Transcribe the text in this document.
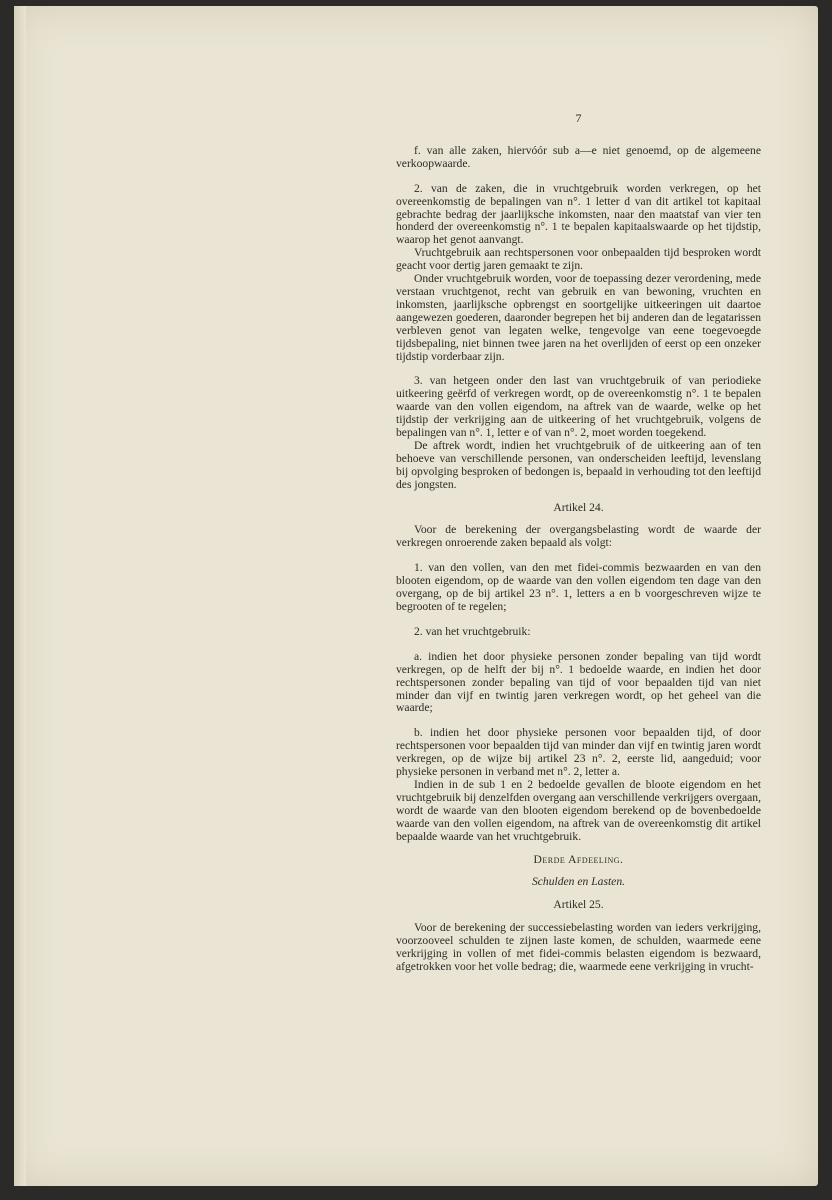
7

f. van alle zaken, hiervóór sub a—e niet genoemd, op de algemeene verkoopwaarde.

2. van de zaken, die in vruchtgebruik worden verkregen, op het overeenkomstig de bepalingen van n°. 1 letter d van dit artikel tot kapitaal gebrachte bedrag der jaarlijksche inkomsten, naar den maatstaf van vier ten honderd der overeenkomstig n°. 1 te bepalen kapitaalswaarde op het tijdstip, waarop het genot aanvangt.

Vruchtgebruik aan rechtspersonen voor onbepaalden tijd besproken wordt geacht voor dertig jaren gemaakt te zijn.

Onder vruchtgebruik worden, voor de toepassing dezer verordening, mede verstaan vruchtgenot, recht van gebruik en van bewoning, vruchten en inkomsten, jaarlijksche opbrengst en soortgelijke uitkeeringen uit daartoe aangewezen goederen, daaronder begrepen het bij anderen dan de legatarissen verbleven genot van legaten welke, tengevolge van eene toegevoegde tijdsbepaling, niet binnen twee jaren na het overlijden of eerst op een onzeker tijdstip vorderbaar zijn.

3. van hetgeen onder den last van vruchtgebruik of van periodieke uitkeering geërfd of verkregen wordt, op de overeenkomstig n°. 1 te bepalen waarde van den vollen eigendom, na aftrek van de waarde, welke op het tijdstip der verkrijging aan de uitkeering of het vruchtgebruik, volgens de bepalingen van n°. 1, letter e of van n°. 2, moet worden toegekend.

De aftrek wordt, indien het vruchtgebruik of de uitkeering aan of ten behoeve van verschillende personen, van onderscheiden leeftijd, levenslang bij opvolging besproken of bedongen is, bepaald in verhouding tot den leeftijd des jongsten.

Artikel 24.

Voor de berekening der overgangsbelasting wordt de waarde der verkregen onroerende zaken bepaald als volgt:

1. van den vollen, van den met fidei-commis bezwaarden en van den blooten eigendom, op de waarde van den vollen eigendom ten dage van den overgang, op de bij artikel 23 n°. 1, letters a en b voorgeschreven wijze te begrooten of te regelen;

2. van het vruchtgebruik:

a. indien het door physieke personen zonder bepaling van tijd wordt verkregen, op de helft der bij n°. 1 bedoelde waarde, en indien het door rechtspersonen zonder bepaling van tijd of voor bepaalden tijd van niet minder dan vijf en twintig jaren verkregen wordt, op het geheel van die waarde;

b. indien het door physieke personen voor bepaalden tijd, of door rechtspersonen voor bepaalden tijd van minder dan vijf en twintig jaren wordt verkregen, op de wijze bij artikel 23 n°. 2, eerste lid, aangeduid; voor physieke personen in verband met n°. 2, letter a.

Indien in de sub 1 en 2 bedoelde gevallen de bloote eigendom en het vruchtgebruik bij denzelfden overgang aan verschillende verkrijgers overgaan, wordt de waarde van den blooten eigendom berekend op de bovenbedoelde waarde van den vollen eigendom, na aftrek van de overeenkomstig dit artikel bepaalde waarde van het vruchtgebruik.

Derde Afdeeling.
Schulden en Lasten.
Artikel 25.

Voor de berekening der successiebelasting worden van ieders verkrijging, voorzooveel schulden te zijnen laste komen, de schulden, waarmede eene verkrijging in vollen of met fidei-commis belasten eigendom is bezwaard, afgetrokken voor het volle bedrag; die, waarmede eene verkrijging in vrucht-
